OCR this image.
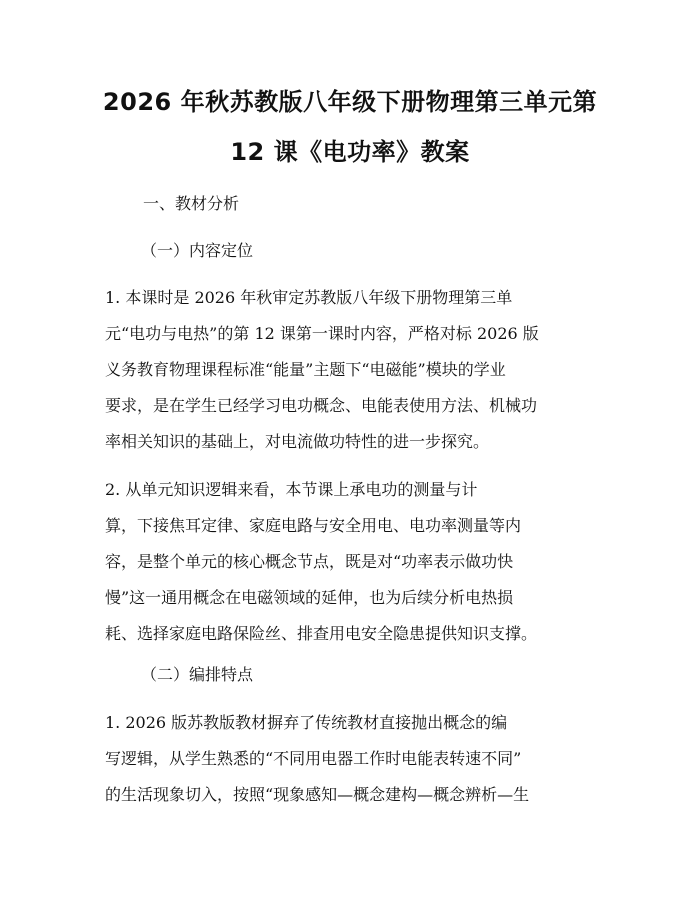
2026 年秋苏教版八年级下册物理第三单元第
12 课《电功率》教案
一、教材分析
（一）内容定位
1. 本课时是 2026 年秋审定苏教版八年级下册物理第三单
元“电功与电热”的第 12 课第一课时内容，严格对标 2026 版
义务教育物理课程标准“能量”主题下“电磁能”模块的学业
要求，是在学生已经学习电功概念、电能表使用方法、机械功
率相关知识的基础上，对电流做功特性的进一步探究。
2. 从单元知识逻辑来看，本节课上承电功的测量与计
算，下接焦耳定律、家庭电路与安全用电、电功率测量等内
容，是整个单元的核心概念节点，既是对“功率表示做功快
慢”这一通用概念在电磁领域的延伸，也为后续分析电热损
耗、选择家庭电路保险丝、排查用电安全隐患提供知识支撑。
（二）编排特点
1. 2026 版苏教版教材摒弃了传统教材直接抛出概念的编
写逻辑，从学生熟悉的“不同用电器工作时电能表转速不同”
的生活现象切入，按照“现象感知—概念建构—概念辨析—生
